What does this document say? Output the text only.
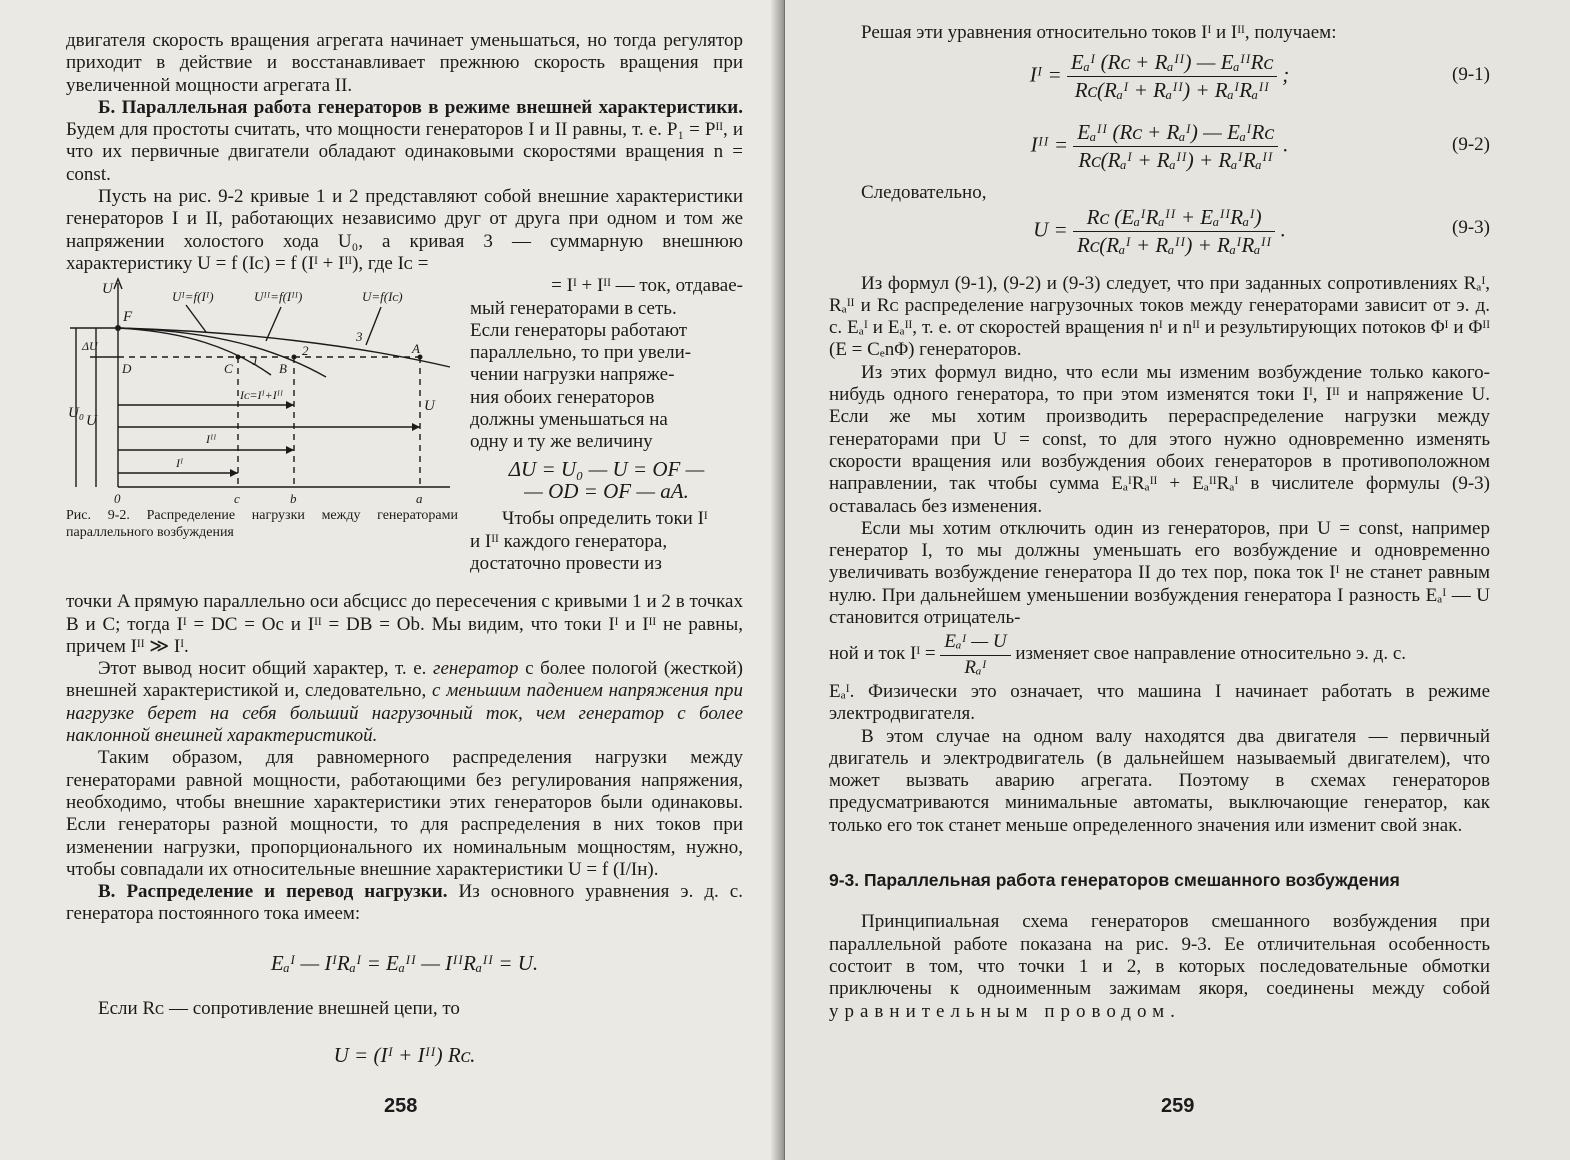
двигателя скорость вращения агрегата начинает уменьшаться, но тогда регулятор приходит в действие и восстанавливает прежнюю скорость вращения при увеличенной мощности агрегата II.

Б. Параллельная работа генераторов в режиме внешней характеристики. Будем для простоты считать, что мощности генераторов I и II равны, т. е. P₁ = Pᴵᴵ, и что их первичные двигатели обладают одинаковыми скоростями вращения n = const.

Пусть на рис. 9-2 кривые 1 и 2 представляют собой внешние характеристики генераторов I и II, работающих независимо друг от друга при одном и том же напряжении холостого хода U₀, а кривая 3 — суммарную внешнюю характеристику U = f (Iᴄ) = f (Iᴵ + Iᴵᴵ), где Iᴄ =

U
U₀ U
U
ΔU
Uᴵ=f(Iᴵ)	Uᴵᴵ=f(Iᴵᴵ)	U=f(Iᴄ)
F
D	C	B
A
1
2
3
Iᴄ=Iᴵ+Iᴵᴵ
Iᴵᴵ
Iᴵ
0	c	b	a
Рис. 9-2. Распределение нагрузки между генераторами параллельного возбуждения

= Iᴵ + Iᴵᴵ — ток, отдавае-

мый генераторами в сеть.

Если генераторы работают

параллельно, то при увели-

чении нагрузки напряже-

ния обоих генераторов

должны уменьшаться на

одну и ту же величину

ΔU = U₀ — U = OF —

— OD = OF — aA.

Чтобы определить токи Iᴵ

и Iᴵᴵ каждого генератора,

достаточно провести из

точки A прямую параллельно оси абсцисс до пересечения с кривыми 1 и 2 в точках B и C; тогда Iᴵ = DC = Oc и Iᴵᴵ = DB = Ob. Мы видим, что токи Iᴵ и Iᴵᴵ не равны, причем Iᴵᴵ ≫ Iᴵ.

Этот вывод носит общий характер, т. е. генератор с более пологой (жесткой) внешней характеристикой и, следовательно, с меньшим падением напряжения при нагрузке берет на себя больший нагрузочный ток, чем генератор с более наклонной внешней характеристикой.

Таким образом, для равномерного распределения нагрузки между генераторами равной мощности, работающими без регулирования напряжения, необходимо, чтобы внешние характеристики этих генераторов были одинаковы. Если генераторы разной мощности, то для распределения в них токов при изменении нагрузки, пропорционального их номинальным мощностям, нужно, чтобы совпадали их относительные внешние характеристики U = f (I/Iн).

В. Распределение и перевод нагрузки. Из основного уравнения э. д. с. генератора постоянного тока имеем:

Eₐᴵ — IᴵRₐᴵ = Eₐᴵᴵ — IᴵᴵRₐᴵᴵ = U.

Если Rᴄ — сопротивление внешней цепи, то

U = (Iᴵ + Iᴵᴵ) Rᴄ.

258

Решая эти уравнения относительно токов Iᴵ и Iᴵᴵ, получаем:

Iᴵ = $\frac{\text{Eₐᴵ (Rᴄ + Rₐᴵᴵ) — EₐᴵᴵRᴄ}}{\text{Rᴄ(Rₐᴵ + Rₐᴵᴵ) + RₐᴵRₐᴵᴵ}}$ ;	(9-1)
Iᴵᴵ = $\frac{\text{Eₐᴵᴵ (Rᴄ + Rₐᴵ) — EₐᴵRᴄ}}{\text{Rᴄ(Rₐᴵ + Rₐᴵᴵ) + RₐᴵRₐᴵᴵ}}$ .	(9-2)

Следовательно,

$U = \frac{\text{Rᴄ (EₐᴵRₐᴵᴵ + EₐᴵᴵRₐᴵ)}}{\text{Rᴄ(Rₐᴵ + Rₐᴵᴵ) + RₐᴵRₐᴵᴵ}}$ .	(9-3)

Из формул (9-1), (9-2) и (9-3) следует, что при заданных сопротивлениях Rₐᴵ, Rₐᴵᴵ и Rᴄ распределение нагрузочных токов между генераторами зависит от э. д. с. Eₐᴵ и Eₐᴵᴵ, т. е. от скоростей вращения nᴵ и nᴵᴵ и результирующих потоков Φᴵ и Φᴵᴵ (E = CₑnΦ) генераторов.

Из этих формул видно, что если мы изменим возбуждение только какого-нибудь одного генератора, то при этом изменятся токи Iᴵ, Iᴵᴵ и напряжение U. Если же мы хотим производить перераспределение нагрузки между генераторами при U = const, то для этого нужно одновременно изменять скорости вращения или возбуждения обоих генераторов в противоположном направлении, так чтобы сумма EₐᴵRₐᴵᴵ + EₐᴵᴵRₐᴵ в числителе формулы (9-3) оставалась без изменения.

Если мы хотим отключить один из генераторов, при U = const, например генератор I, то мы должны уменьшать его возбуждение и одновременно увеличивать возбуждение генератора II до тех пор, пока ток Iᴵ не станет равным нулю. При дальнейшем уменьшении возбуждения генератора I разность Eₐᴵ — U становится отрицатель-

ной и ток Iᴵ = $\frac{\text{Eₐᴵ — U}}{\text{Rₐᴵ}}$ изменяет свое направление относительно э. д. с.

Eₐᴵ. Физически это означает, что машина I начинает работать в режиме электродвигателя.

В этом случае на одном валу находятся два двигателя — первичный двигатель и электродвигатель (в дальнейшем называемый двигателем), что может вызвать аварию агрегата. Поэтому в схемах генераторов предусматриваются минимальные автоматы, выключающие генератор, как только его ток станет меньше определенного значения или изменит свой знак.

9-3. Параллельная работа генераторов смешанного возбуждения

Принципиальная схема генераторов смешанного возбуждения при параллельной работе показана на рис. 9-3. Ее отличительная особенность состоит в том, что точки 1 и 2, в которых последовательные обмотки приключены к одноименным зажимам якоря, соединены между собой уравнительным проводом.

259
